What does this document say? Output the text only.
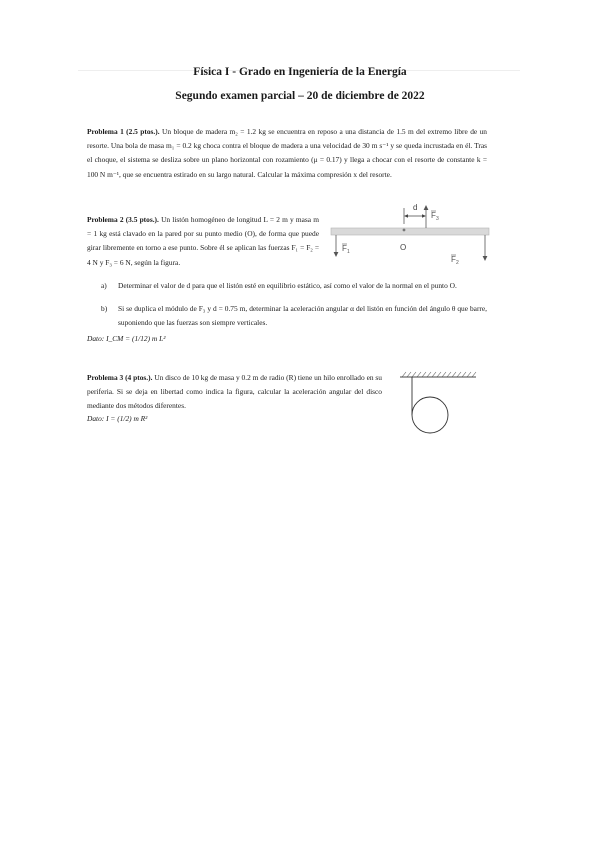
Física I - Grado en Ingeniería de la Energía
Segundo examen parcial – 20 de diciembre de 2022
Problema 1 (2.5 ptos.). Un bloque de madera m₂ = 1.2 kg se encuentra en reposo a una distancia de 1.5 m del extremo libre de un resorte. Una bola de masa m₁ = 0.2 kg choca contra el bloque de madera a una velocidad de 30 m s⁻¹ y se queda incrustada en él. Tras el choque, el sistema se desliza sobre un plano horizontal con rozamiento (μ = 0.17) y llega a chocar con el resorte de constante k = 100 N m⁻¹, que se encuentra estirado en su largo natural. Calcular la máxima compresión x del resorte.
Problema 2 (3.5 ptos.). Un listón homogéneo de longitud L = 2 m y masa m = 1 kg está clavado en la pared por su punto medio (O), de forma que puede girar libremente en torno a ese punto. Sobre él se aplican las fuerzas F₁ = F₂ = 4 N y F₃ = 6 N, según la figura.
O
d
F 3
F 1
F 2
a) Determinar el valor de d para que el listón esté en equilibrio estático, así como el valor de la normal en el punto O.
b) Si se duplica el módulo de F₃ y d = 0.75 m, determinar la aceleración angular α del listón en función del ángulo θ que barre, suponiendo que las fuerzas son siempre verticales.
Dato: I_CM = (1/12) m L²
Problema 3 (4 ptos.). Un disco de 10 kg de masa y 0.2 m de radio (R) tiene un hilo enrollado en su periferia. Si se deja en libertad como indica la figura, calcular la aceleración angular del disco mediante dos métodos diferentes.
Dato: I = (1/2) m R²
